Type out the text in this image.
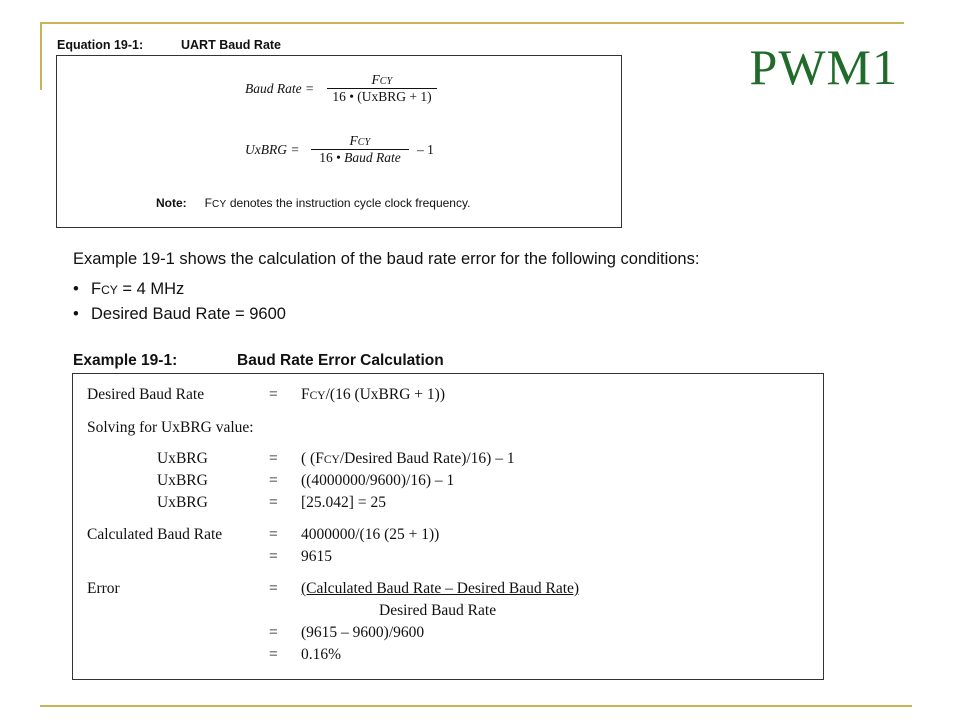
PWM1
Equation 19-1:	UART Baud Rate
Baud Rate =
FCY
16 • (UxBRG + 1)
UxBRG =
FCY
16 • Baud Rate
– 1
Note: FCY denotes the instruction cycle clock frequency.
Example 19-1 shows the calculation of the baud rate error for the following conditions:
• FCY = 4 MHz
• Desired Baud Rate = 9600
Example 19-1:	Baud Rate Error Calculation
Desired Baud Rate	= FCY/(16 (UxBRG + 1))
Solving for UxBRG value:
UxBRG	= ( (FCY/Desired Baud Rate)/16) – 1
UxBRG	= ((4000000/9600)/16) – 1
UxBRG	= [25.042] = 25
Calculated Baud Rate	= 4000000/(16 (25 + 1))
= 9615
Error	= (Calculated Baud Rate – Desired Baud Rate)
Desired Baud Rate
= (9615 – 9600)/9600
= 0.16%
